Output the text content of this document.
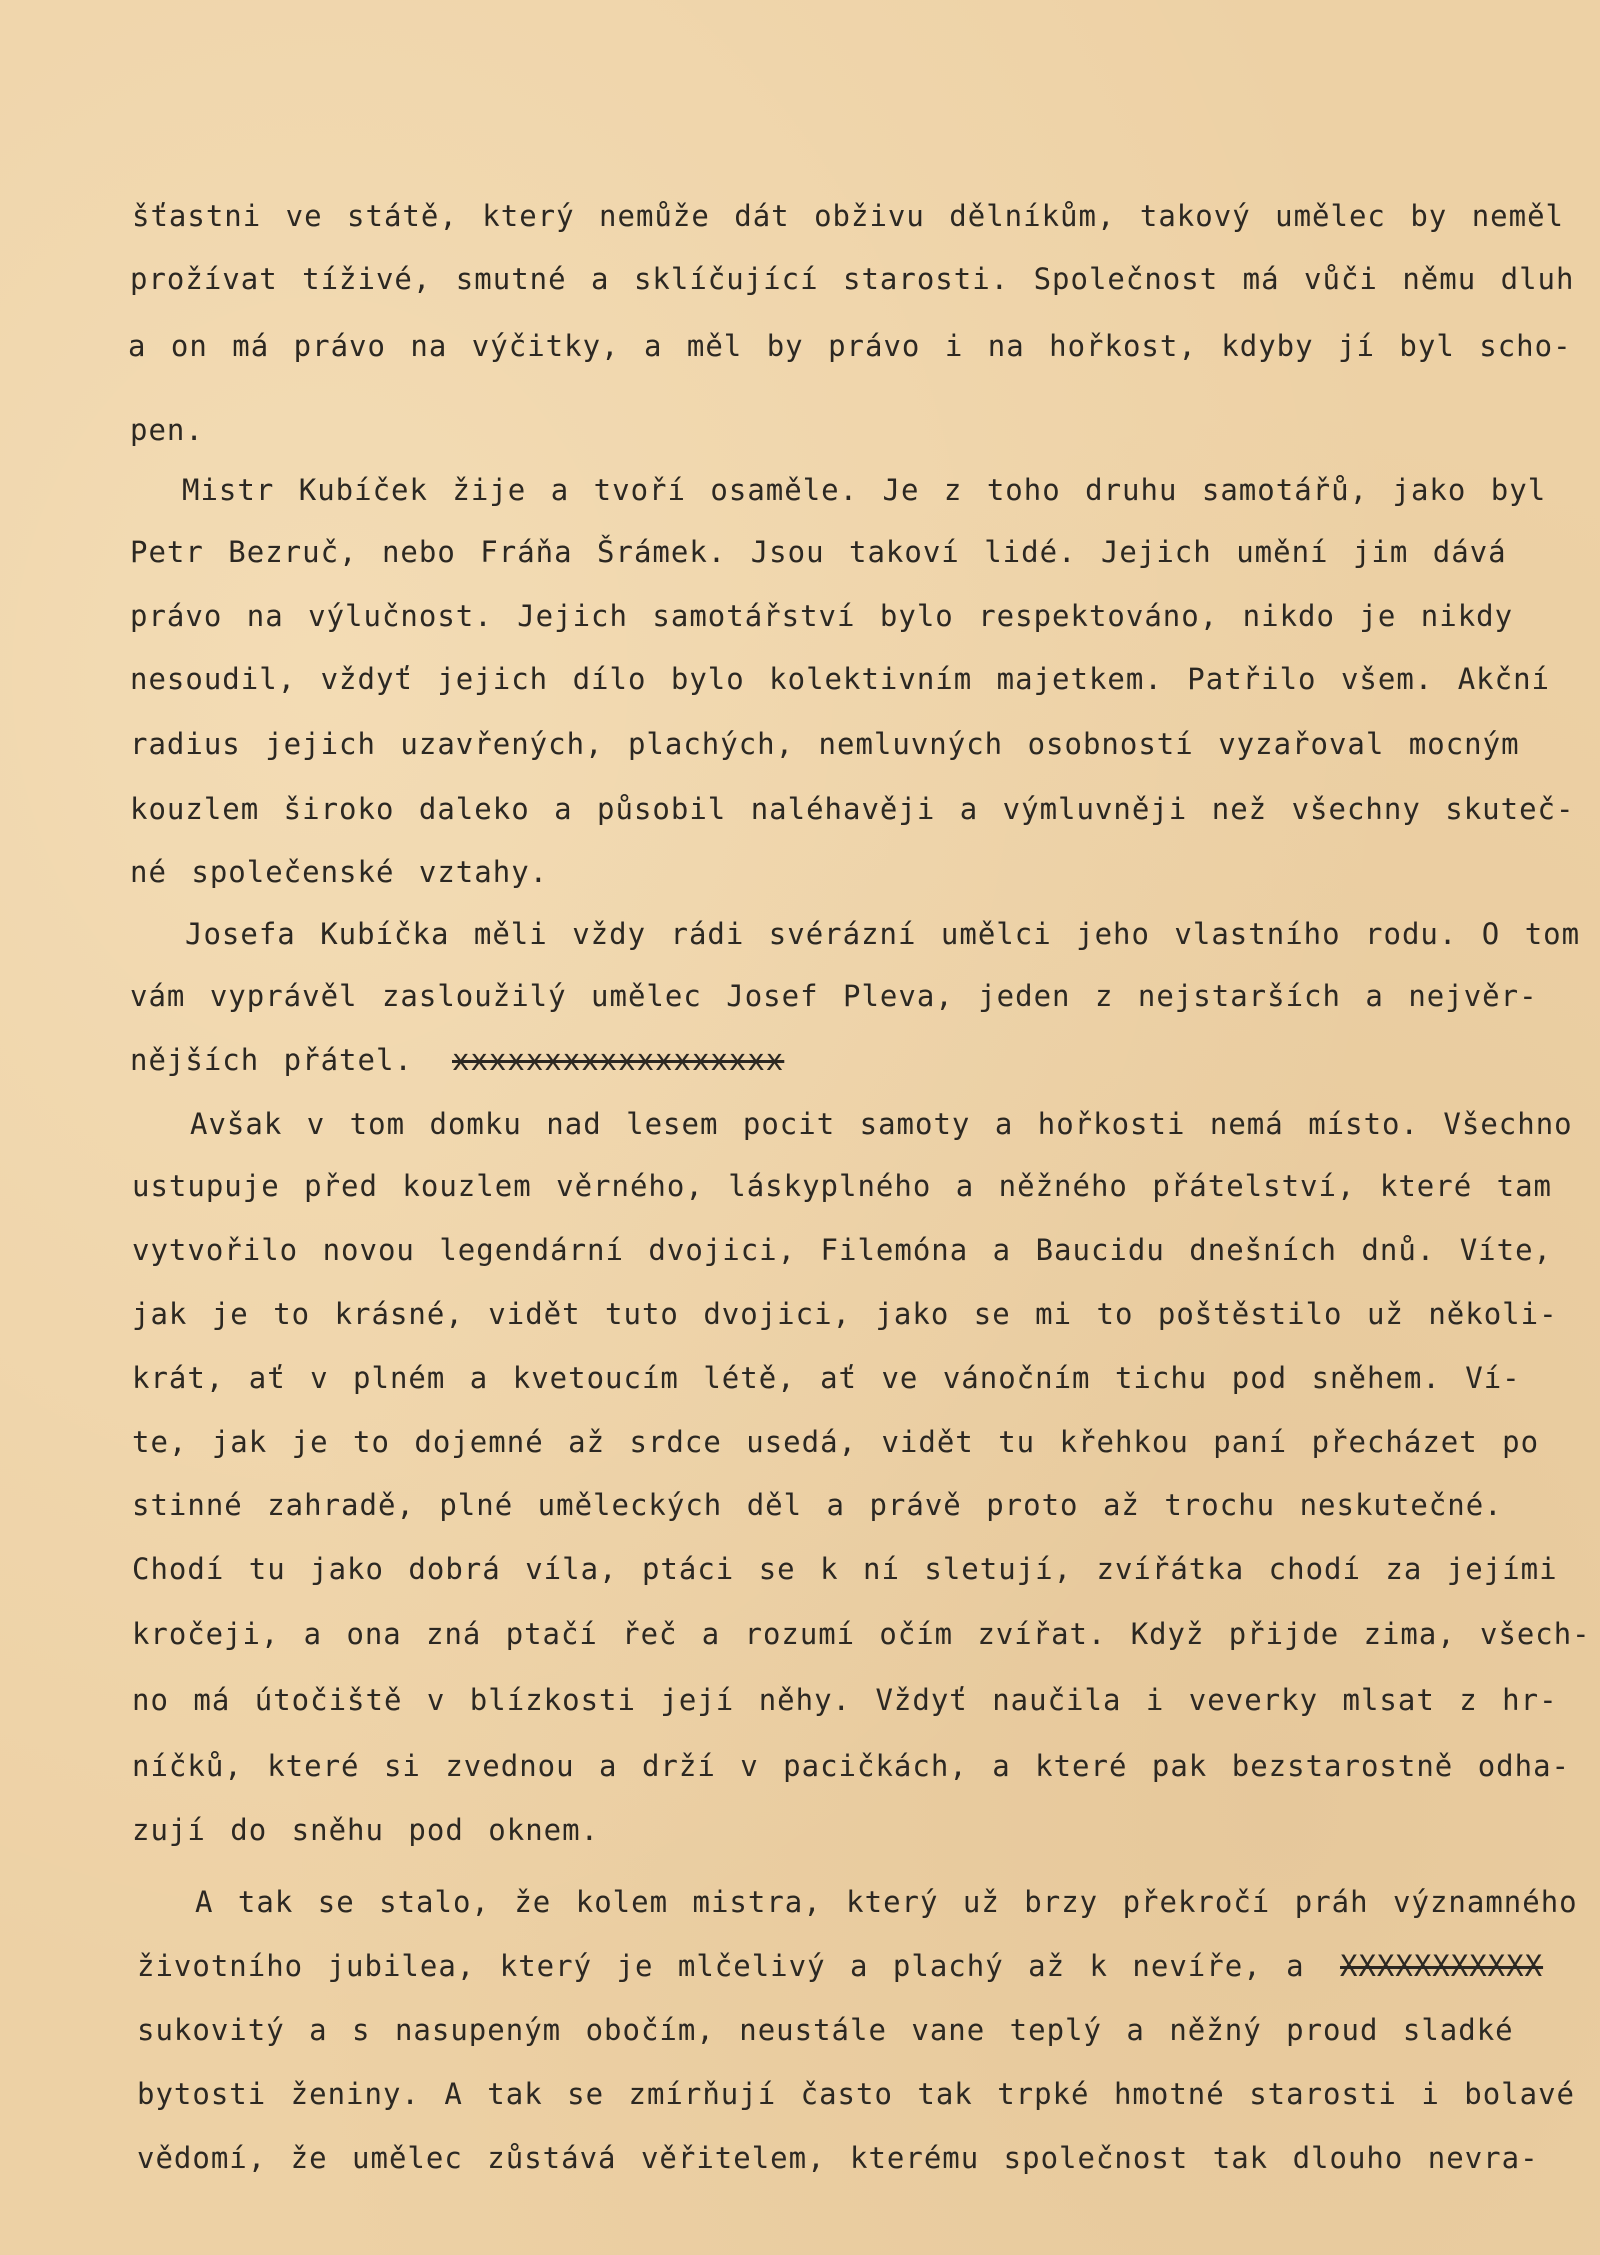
šťastni ve státě, který nemůže dát obživu dělníkům, takový umělec by neměl
prožívat tíživé, smutné a sklíčující starosti. Společnost má vůči němu dluh
a on má právo na výčitky, a měl by právo i na hořkost, kdyby jí byl scho-
pen.
Mistr Kubíček žije a tvoří osaměle. Je z toho druhu samotářů, jako byl
Petr Bezruč, nebo Fráňa Šrámek. Jsou takoví lidé. Jejich umění jim dává
právo na výlučnost. Jejich samotářství bylo respektováno, nikdo je nikdy
nesoudil, vždyť jejich dílo bylo kolektivním majetkem. Patřilo všem. Akční
radius jejich uzavřených, plachých, nemluvných osobností vyzařoval mocným
kouzlem široko daleko a působil naléhavěji a výmluvněji než všechny skuteč-
né společenské vztahy.
Josefa Kubíčka měli vždy rádi svérázní umělci jeho vlastního rodu. O tom
vám vyprávěl zasloužilý umělec Josef Pleva, jeden z nejstarších a nejvěr-
nějších přátel. xxxxxxxxxxxxxxxxxx
Avšak v tom domku nad lesem pocit samoty a hořkosti nemá místo. Všechno
ustupuje před kouzlem věrného, láskyplného a něžného přátelství, které tam
vytvořilo novou legendární dvojici, Filemóna a Baucidu dnešních dnů. Víte,
jak je to krásné, vidět tuto dvojici, jako se mi to poštěstilo už několi-
krát, ať v plném a kvetoucím létě, ať ve vánočním tichu pod sněhem. Ví-
te, jak je to dojemné až srdce usedá, vidět tu křehkou paní přecházet po
stinné zahradě, plné uměleckých děl a právě proto až trochu neskutečné.
Chodí tu jako dobrá víla, ptáci se k ní sletují, zvířátka chodí za jejími
kročeji, a ona zná ptačí řeč a rozumí očím zvířat. Když přijde zima, všech-
no má útočiště v blízkosti její něhy. Vždyť naučila i veverky mlsat z hr-
níčků, které si zvednou a drží v pacičkách, a které pak bezstarostně odha-
zují do sněhu pod oknem.
A tak se stalo, že kolem mistra, který už brzy překročí práh významného
životního jubilea, který je mlčelivý a plachý až k nevíře, a XXXXXXXXXXX
sukovitý a s nasupeným obočím, neustále vane teplý a něžný proud sladké
bytosti ženiny. A tak se zmírňují často tak trpké hmotné starosti i bolavé
vědomí, že umělec zůstává věřitelem, kterému společnost tak dlouho nevra-
